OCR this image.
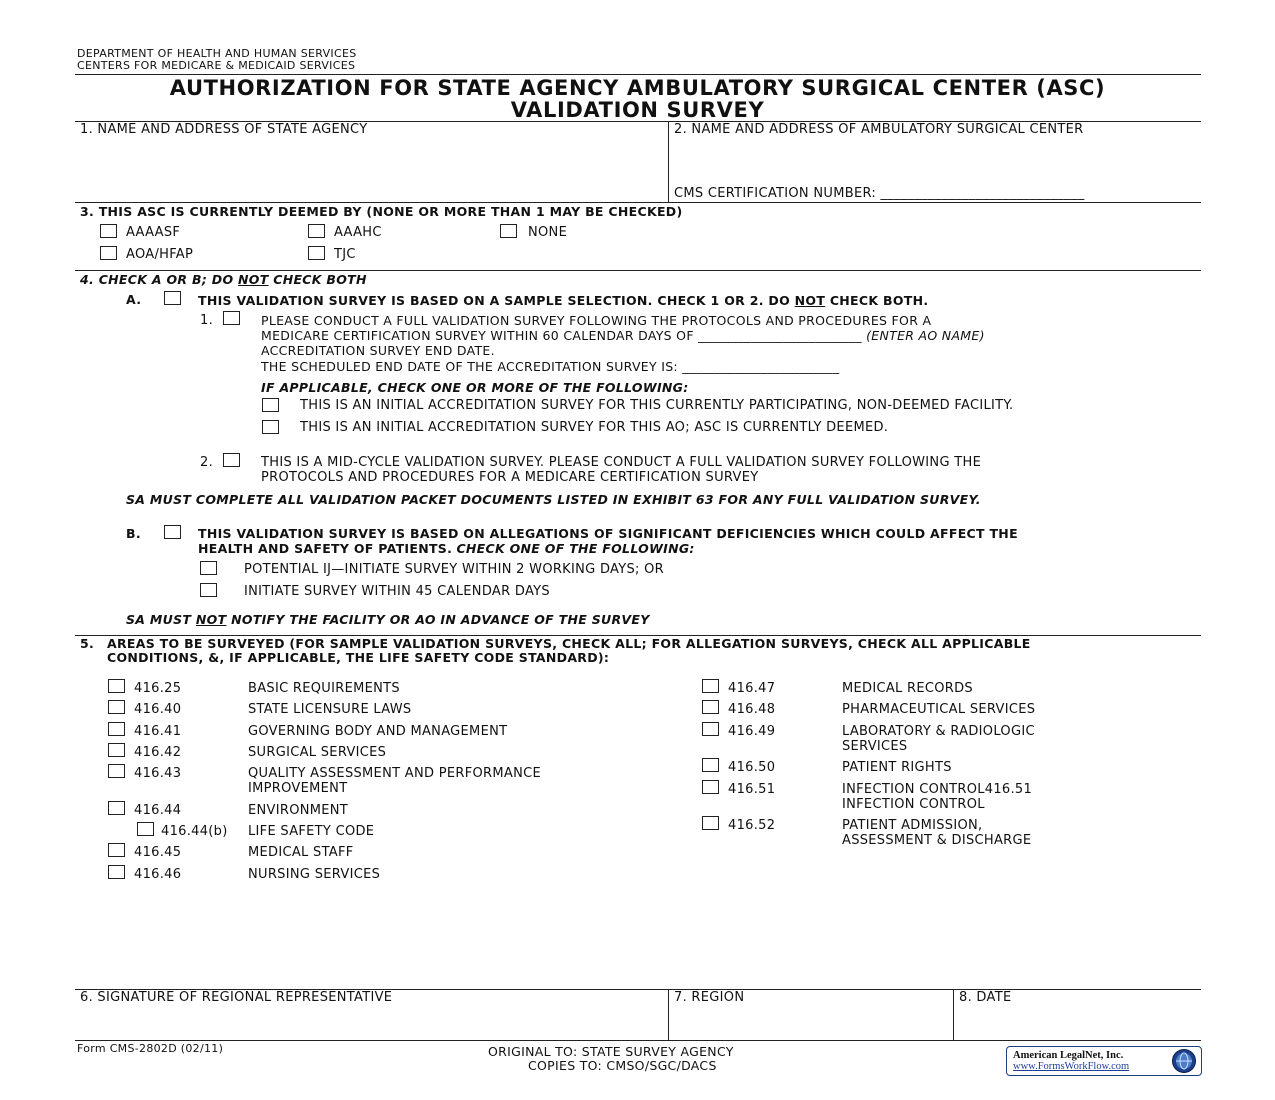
DEPARTMENT OF HEALTH AND HUMAN SERVICES
CENTERS FOR MEDICARE & MEDICAID SERVICES
AUTHORIZATION FOR STATE AGENCY AMBULATORY SURGICAL CENTER (ASC)
VALIDATION SURVEY
1. NAME AND ADDRESS OF STATE AGENCY	2. NAME AND ADDRESS OF AMBULATORY SURGICAL CENTER
CMS CERTIFICATION NUMBER: ______________________________
3. THIS ASC IS CURRENTLY DEEMED BY (NONE OR MORE THAN 1 MAY BE CHECKED)
AAAASF	AAAHC	NONE
AOA/HFAP	TJC
4. CHECK A OR B; DO NOT CHECK BOTH
A.	THIS VALIDATION SURVEY IS BASED ON A SAMPLE SELECTION. CHECK 1 OR 2. DO NOT CHECK BOTH.
1.	PLEASE CONDUCT A FULL VALIDATION SURVEY FOLLOWING THE PROTOCOLS AND PROCEDURES FOR A
MEDICARE CERTIFICATION SURVEY WITHIN 60 CALENDAR DAYS OF _________________________ (ENTER AO NAME)
ACCREDITATION SURVEY END DATE.
THE SCHEDULED END DATE OF THE ACCREDITATION SURVEY IS: ________________________
IF APPLICABLE, CHECK ONE OR MORE OF THE FOLLOWING:
THIS IS AN INITIAL ACCREDITATION SURVEY FOR THIS CURRENTLY PARTICIPATING, NON-DEEMED FACILITY.
THIS IS AN INITIAL ACCREDITATION SURVEY FOR THIS AO; ASC IS CURRENTLY DEEMED.
2.	THIS IS A MID-CYCLE VALIDATION SURVEY. PLEASE CONDUCT A FULL VALIDATION SURVEY FOLLOWING THE
PROTOCOLS AND PROCEDURES FOR A MEDICARE CERTIFICATION SURVEY
SA MUST COMPLETE ALL VALIDATION PACKET DOCUMENTS LISTED IN EXHIBIT 63 FOR ANY FULL VALIDATION SURVEY.
B.	THIS VALIDATION SURVEY IS BASED ON ALLEGATIONS OF SIGNIFICANT DEFICIENCIES WHICH COULD AFFECT THE
HEALTH AND SAFETY OF PATIENTS. CHECK ONE OF THE FOLLOWING:
POTENTIAL IJ—INITIATE SURVEY WITHIN 2 WORKING DAYS; OR
INITIATE SURVEY WITHIN 45 CALENDAR DAYS
SA MUST NOT NOTIFY THE FACILITY OR AO IN ADVANCE OF THE SURVEY
5. AREAS TO BE SURVEYED (FOR SAMPLE VALIDATION SURVEYS, CHECK ALL; FOR ALLEGATION SURVEYS, CHECK ALL APPLICABLE
CONDITIONS, &, IF APPLICABLE, THE LIFE SAFETY CODE STANDARD):
416.25	BASIC REQUIREMENTS
416.40	STATE LICENSURE LAWS
416.41	GOVERNING BODY AND MANAGEMENT
416.42	SURGICAL SERVICES
416.43	QUALITY ASSESSMENT AND PERFORMANCE
IMPROVEMENT
416.44	ENVIRONMENT
416.44(b) LIFE SAFETY CODE
416.45	MEDICAL STAFF
416.46	NURSING SERVICES
416.47	MEDICAL RECORDS
416.48	PHARMACEUTICAL SERVICES
416.49	LABORATORY & RADIOLOGIC
SERVICES
416.50	PATIENT RIGHTS
416.51	INFECTION CONTROL416.51
INFECTION CONTROL
416.52	PATIENT ADMISSION,
ASSESSMENT & DISCHARGE
6. SIGNATURE OF REGIONAL REPRESENTATIVE	7. REGION	8. DATE
Form CMS-2802D (02/11)	ORIGINAL TO: STATE SURVEY AGENCY
COPIES TO: CMSO/SGC/DACS
American LegalNet, Inc.
www.FormsWorkFlow.com
